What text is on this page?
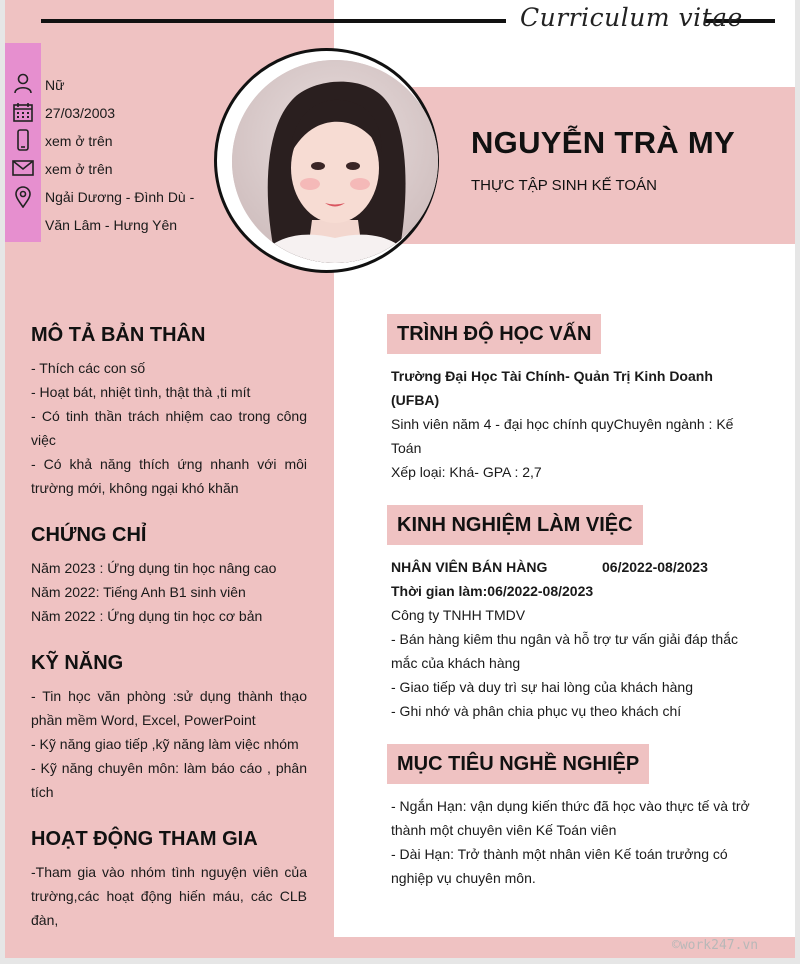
Curriculum vitae
Nữ
27/03/2003
xem ở trên
xem ở trên
Ngải Dương - Đình Dù -
Văn Lâm - Hưng Yên
NGUYỄN TRÀ MY
THỰC TẬP SINH KẾ TOÁN
MÔ TẢ BẢN THÂN

- Thích các con số
- Hoạt bát, nhiệt tình, thật thà ,ti mít
- Có tinh thần trách nhiệm cao trong công
việc
- Có khả năng thích ứng nhanh với môi
trường mới, không ngại khó khăn

CHỨNG CHỈ

Năm 2023 : Ứng dụng tin học nâng cao
Năm 2022: Tiếng Anh B1 sinh viên
Năm 2022 : Ứng dụng tin học cơ bản

KỸ NĂNG

- Tin học văn phòng :sử dụng thành thạo
phần mềm Word, Excel, PowerPoint
- Kỹ năng giao tiếp ,kỹ năng làm việc nhóm
- Kỹ năng chuyên môn: làm báo cáo , phân
tích

HOẠT ĐỘNG THAM GIA

-Tham gia vào nhóm tình nguyện viên của
trường,các hoạt động hiến máu, các CLB
đàn,

TRÌNH ĐỘ HỌC VẤN

Trường Đại Học Tài Chính- Quản Trị Kinh Doanh
(UFBA)
Sinh viên năm 4 - đại học chính quyChuyên ngành : Kế
Toán
Xếp loại: Khá- GPA : 2,7

KINH NGHIỆM LÀM VIỆC

NHÂN VIÊN BÁN HÀNG	06/2022-08/2023
Thời gian làm:06/2022-08/2023
Công ty TNHH TMDV
- Bán hàng kiêm thu ngân và hỗ trợ tư vấn giải đáp thắc
mắc của khách hàng
- Giao tiếp và duy trì sự hai lòng của khách hàng
- Ghi nhớ và phân chia phục vụ theo khách chí

MỤC TIÊU NGHỀ NGHIỆP

- Ngắn Hạn: vận dụng kiến thức đã học vào thực tế và trở
thành một chuyên viên Kế Toán viên
- Dài Hạn: Trở thành một nhân viên Kế toán trưởng có
nghiệp vụ chuyên môn.

©work247.vn
